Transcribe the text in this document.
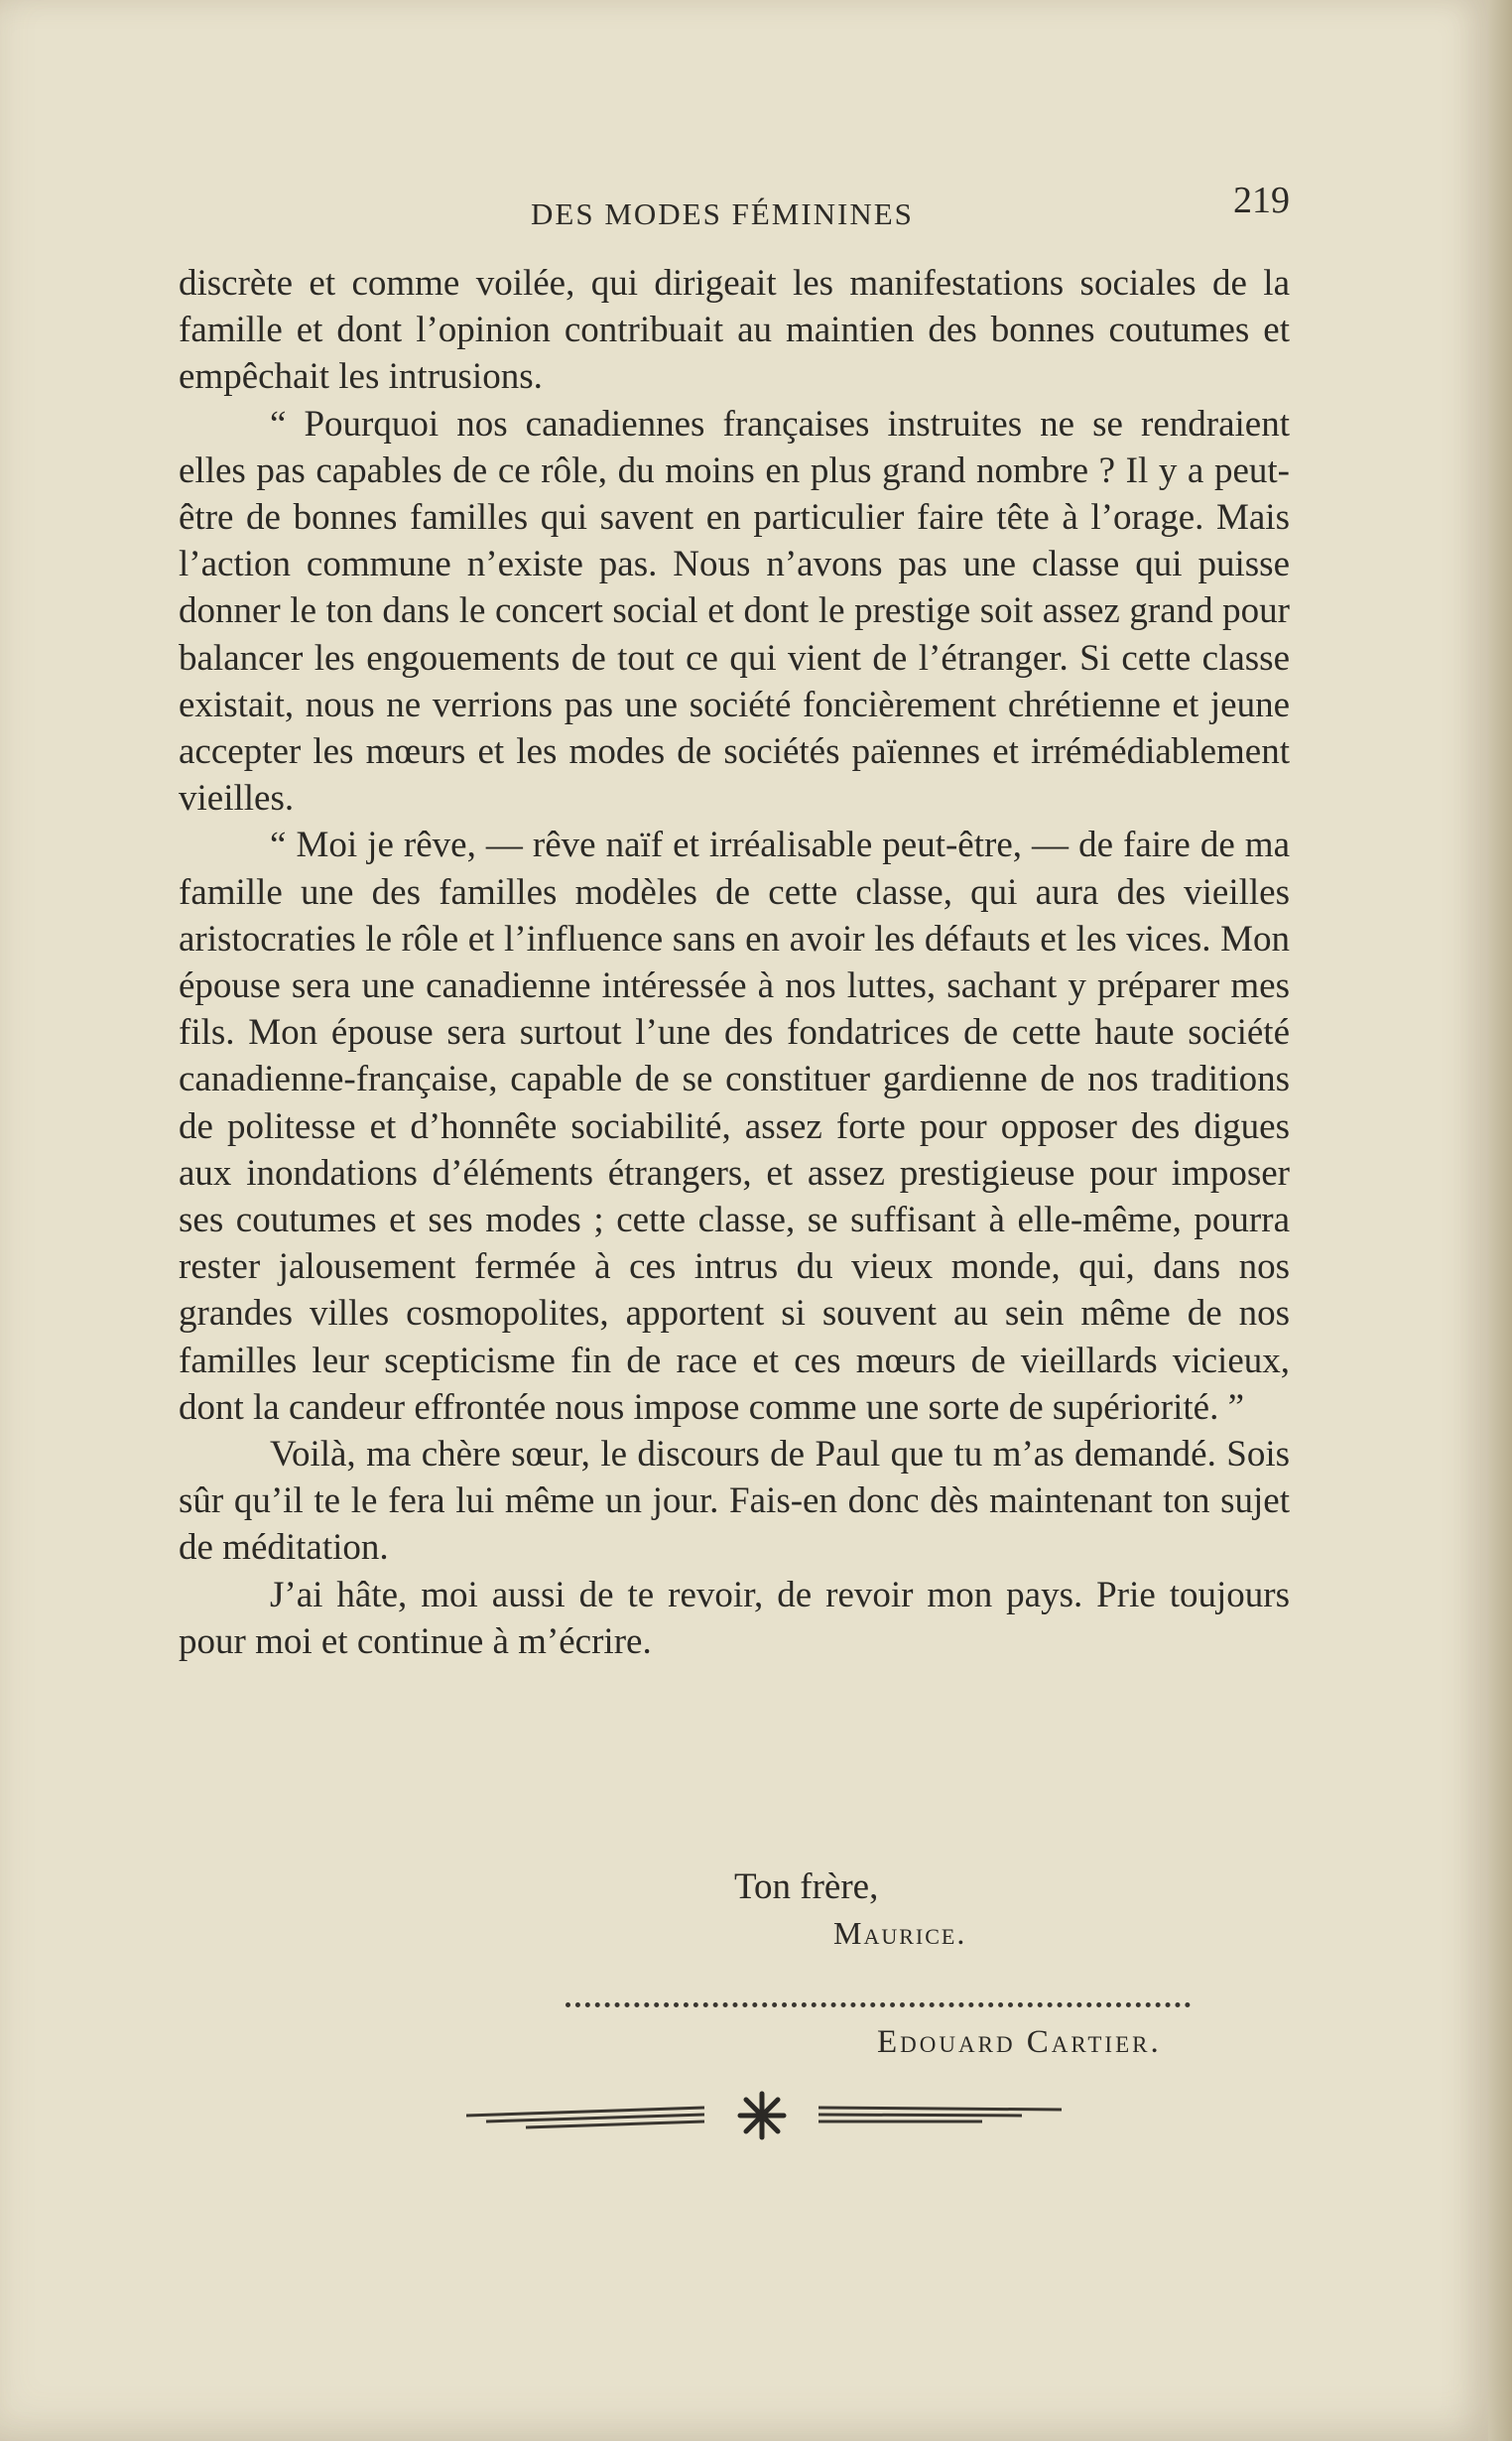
DES MODES FÉMININES	219

discrète et comme voilée, qui dirigeait les manifestations sociales de la famille et dont l’opinion contribuait au maintien des bonnes coutumes et empêchait les intrusions.

“ Pourquoi nos canadiennes françaises instruites ne se rendraient elles pas capables de ce rôle, du moins en plus grand nombre ? Il y a peut-être de bonnes familles qui savent en particulier faire tête à l’orage. Mais l’action commune n’existe pas. Nous n’avons pas une classe qui puisse donner le ton dans le concert social et dont le prestige soit assez grand pour balancer les engouements de tout ce qui vient de l’étranger. Si cette classe existait, nous ne verrions pas une société foncièrement chrétienne et jeune accepter les mœurs et les modes de sociétés païennes et irrémédiablement vieilles.

“ Moi je rêve, — rêve naïf et irréalisable peut-être, — de faire de ma famille une des familles modèles de cette classe, qui aura des vieilles aristocraties le rôle et l’influence sans en avoir les défauts et les vices. Mon épouse sera une canadienne intéressée à nos luttes, sachant y préparer mes fils. Mon épouse sera surtout l’une des fondatrices de cette haute société canadienne-française, capable de se constituer gardienne de nos traditions de politesse et d’honnête sociabilité, assez forte pour opposer des digues aux inondations d’éléments étrangers, et assez prestigieuse pour imposer ses coutumes et ses modes ; cette classe, se suffisant à elle-même, pourra rester jalousement fermée à ces intrus du vieux monde, qui, dans nos grandes villes cosmopolites, apportent si souvent au sein même de nos familles leur scepticisme fin de race et ces mœurs de vieillards vicieux, dont la candeur effrontée nous impose comme une sorte de supériorité. ”

Voilà, ma chère sœur, le discours de Paul que tu m’as demandé. Sois sûr qu’il te le fera lui même un jour. Fais-en donc dès maintenant ton sujet de méditation.

J’ai hâte, moi aussi de te revoir, de revoir mon pays. Prie toujours pour moi et continue à m’écrire.

Ton frère,
Maurice.
Edouard Cartier.
